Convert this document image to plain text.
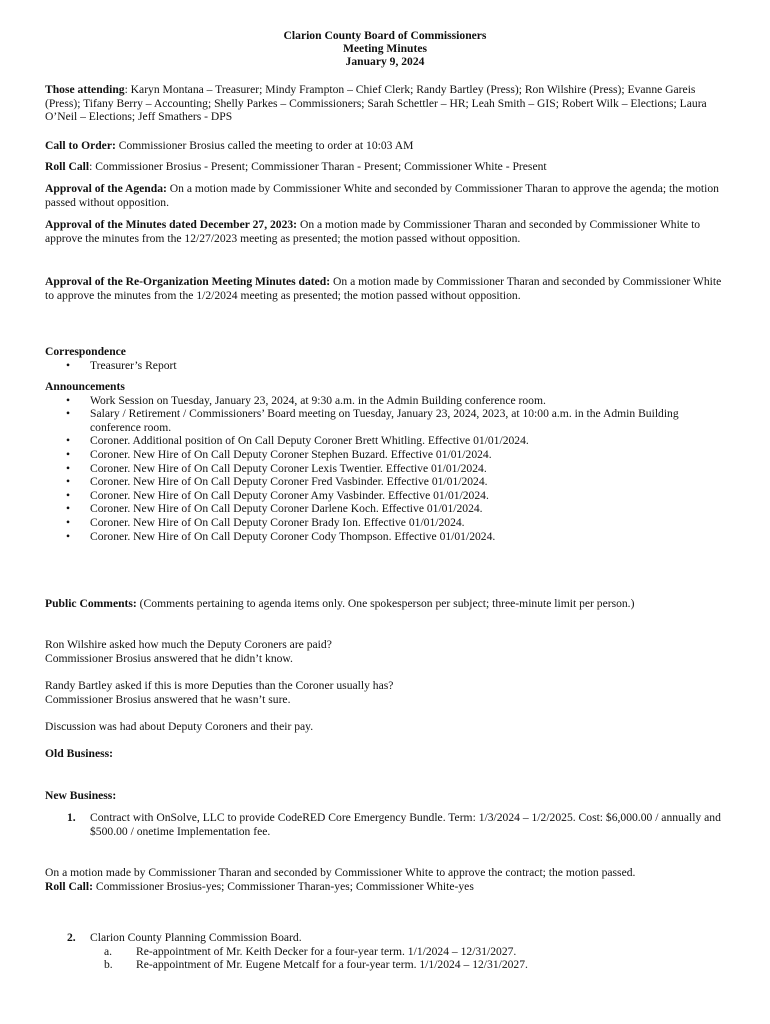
Clarion County Board of Commissioners
Meeting Minutes
January 9, 2024
Those attending: Karyn Montana – Treasurer; Mindy Frampton – Chief Clerk; Randy Bartley (Press); Ron Wilshire (Press); Evanne Gareis (Press); Tifany Berry – Accounting; Shelly Parkes – Commissioners; Sarah Schettler – HR; Leah Smith – GIS; Robert Wilk – Elections; Laura O’Neil – Elections; Jeff Smathers - DPS
Call to Order: Commissioner Brosius called the meeting to order at 10:03 AM
Roll Call: Commissioner Brosius - Present; Commissioner Tharan - Present; Commissioner White - Present
Approval of the Agenda: On a motion made by Commissioner White and seconded by Commissioner Tharan to approve the agenda; the motion passed without opposition.
Approval of the Minutes dated December 27, 2023: On a motion made by Commissioner Tharan and seconded by Commissioner White to approve the minutes from the 12/27/2023 meeting as presented; the motion passed without opposition.
Approval of the Re-Organization Meeting Minutes dated: On a motion made by Commissioner Tharan and seconded by Commissioner White to approve the minutes from the 1/2/2024 meeting as presented; the motion passed without opposition.
Correspondence
• Treasurer’s Report
Announcements
• Work Session on Tuesday, January 23, 2024, at 9:30 a.m. in the Admin Building conference room.
• Salary / Retirement / Commissioners’ Board meeting on Tuesday, January 23, 2024, 2023, at 10:00 a.m. in the Admin Building conference room.
• Coroner. Additional position of On Call Deputy Coroner Brett Whitling. Effective 01/01/2024.
• Coroner. New Hire of On Call Deputy Coroner Stephen Buzard. Effective 01/01/2024.
• Coroner. New Hire of On Call Deputy Coroner Lexis Twentier. Effective 01/01/2024.
• Coroner. New Hire of On Call Deputy Coroner Fred Vasbinder. Effective 01/01/2024.
• Coroner. New Hire of On Call Deputy Coroner Amy Vasbinder. Effective 01/01/2024.
• Coroner. New Hire of On Call Deputy Coroner Darlene Koch. Effective 01/01/2024.
• Coroner. New Hire of On Call Deputy Coroner Brady Ion. Effective 01/01/2024.
• Coroner. New Hire of On Call Deputy Coroner Cody Thompson. Effective 01/01/2024.
Public Comments: (Comments pertaining to agenda items only. One spokesperson per subject; three-minute limit per person.)
Ron Wilshire asked how much the Deputy Coroners are paid?
Commissioner Brosius answered that he didn’t know.
Randy Bartley asked if this is more Deputies than the Coroner usually has?
Commissioner Brosius answered that he wasn’t sure.
Discussion was had about Deputy Coroners and their pay.
Old Business:
New Business:
1. Contract with OnSolve, LLC to provide CodeRED Core Emergency Bundle. Term: 1/3/2024 – 1/2/2025. Cost: $6,000.00 / annually and $500.00 / onetime Implementation fee.
On a motion made by Commissioner Tharan and seconded by Commissioner White to approve the contract; the motion passed.
Roll Call: Commissioner Brosius-yes; Commissioner Tharan-yes; Commissioner White-yes
2. Clarion County Planning Commission Board.
a. Re-appointment of Mr. Keith Decker for a four-year term. 1/1/2024 – 12/31/2027.
b. Re-appointment of Mr. Eugene Metcalf for a four-year term. 1/1/2024 – 12/31/2027.
